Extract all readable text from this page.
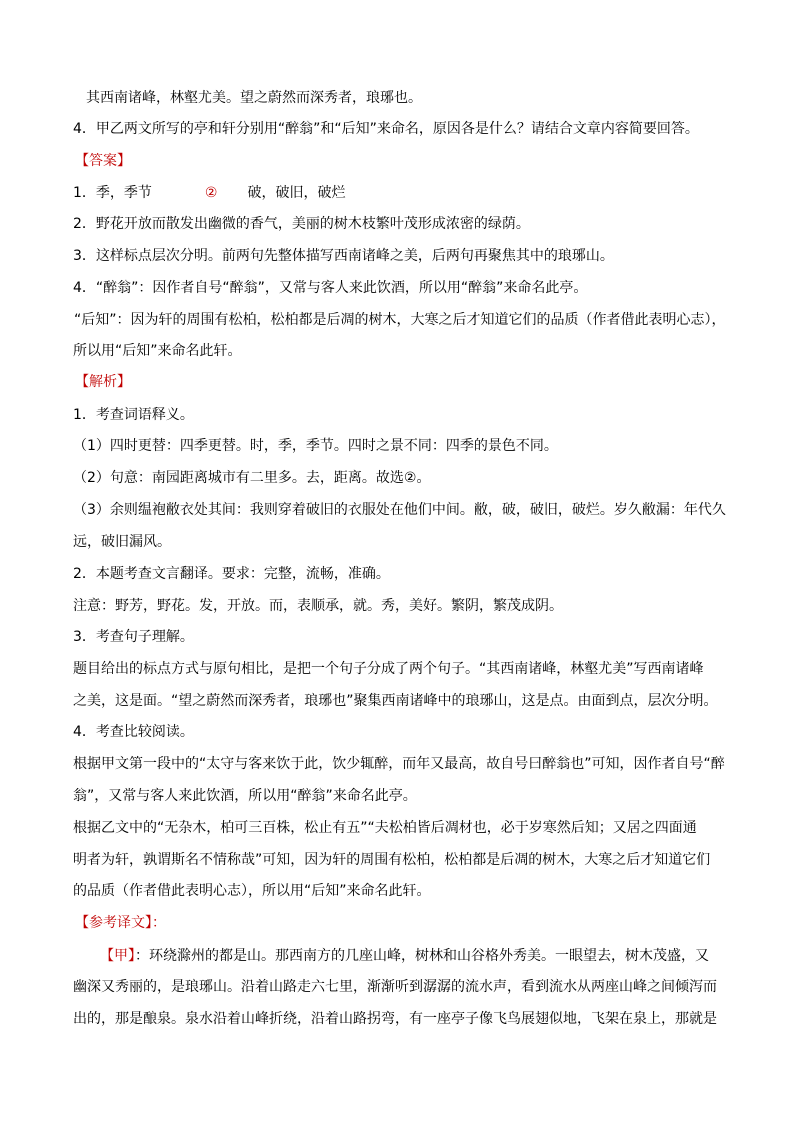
其西南诸峰，林壑尤美。望之蔚然而深秀者，琅琊也。
4．甲乙两文所写的亭和轩分别用“醉翁”和“后知”来命名，原因各是什么？请结合文章内容简要回答。
【答案】
1．季，季节	② 破，破旧，破烂
2．野花开放而散发出幽微的香气，美丽的树木枝繁叶茂形成浓密的绿荫。
3．这样标点层次分明。前两句先整体描写西南诸峰之美，后两句再聚焦其中的琅琊山。
4．“醉翁”：因作者自号“醉翁”，又常与客人来此饮酒，所以用“醉翁”来命名此亭。
“后知”：因为轩的周围有松柏，松柏都是后凋的树木，大寒之后才知道它们的品质（作者借此表明心志），
所以用“后知”来命名此轩。
【解析】
1．考查词语释义。
（1）四时更替：四季更替。时，季，季节。四时之景不同：四季的景色不同。
（2）句意：南园距离城市有二里多。去，距离。故选②。
（3）余则缊袍敝衣处其间：我则穿着破旧的衣服处在他们中间。敝，破，破旧，破烂。岁久敝漏：年代久
远，破旧漏风。
2．本题考查文言翻译。要求：完整，流畅，准确。
注意：野芳，野花。发，开放。而，表顺承，就。秀，美好。繁阴，繁茂成阴。
3．考查句子理解。
题目给出的标点方式与原句相比，是把一个句子分成了两个句子。“其西南诸峰，林壑尤美”写西南诸峰
之美，这是面。“望之蔚然而深秀者，琅琊也”聚集西南诸峰中的琅琊山，这是点。由面到点，层次分明。
4．考查比较阅读。
根据甲文第一段中的“太守与客来饮于此，饮少辄醉，而年又最高，故自号曰醉翁也”可知，因作者自号“醉
翁”，又常与客人来此饮酒，所以用“醉翁”来命名此亭。
根据乙文中的“无杂木，柏可三百株，松止有五”“夫松柏皆后凋材也，必于岁寒然后知；又居之四面通
明者为轩，孰谓斯名不情称哉”可知，因为轩的周围有松柏，松柏都是后凋的树木，大寒之后才知道它们
的品质（作者借此表明心志），所以用“后知”来命名此轩。
【参考译文】：
【甲】：环绕滁州的都是山。那西南方的几座山峰，树林和山谷格外秀美。一眼望去，树木茂盛，又
幽深又秀丽的，是琅琊山。沿着山路走六七里，渐渐听到潺潺的流水声，看到流水从两座山峰之间倾泻而
出的，那是酿泉。泉水沿着山峰折绕，沿着山路拐弯，有一座亭子像飞鸟展翅似地，飞架在泉上，那就是
